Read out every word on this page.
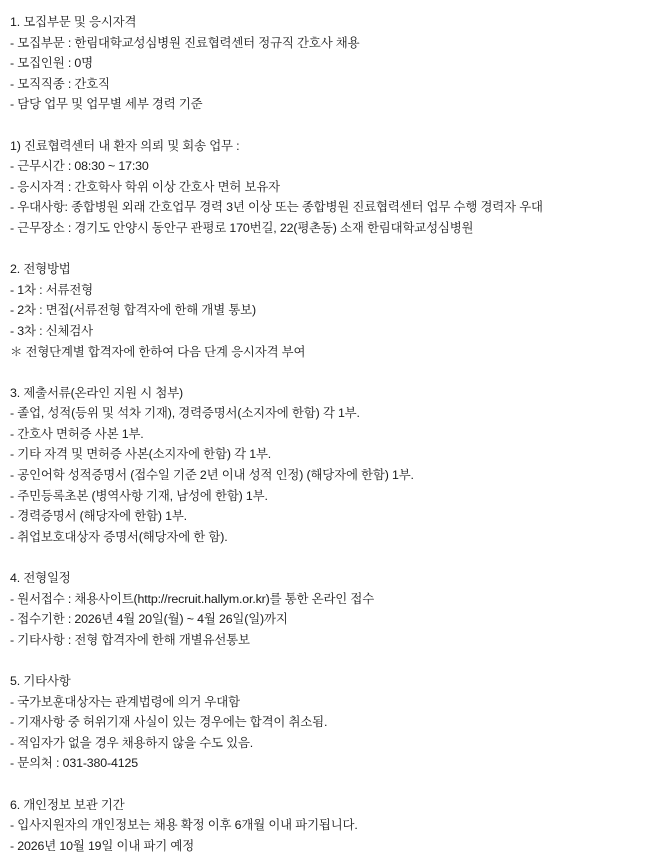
1. 모집부문 및 응시자격
- 모집부문 : 한림대학교성심병원 진료협력센터 정규직 간호사 채용
- 모집인원 : 0명
- 모직직종 : 간호직
- 담당 업무 및 업무별 세부 경력 기준
1) 진료협력센터 내 환자 의뢰 및 회송 업무 :
- 근무시간 : 08:30 ~ 17:30
- 응시자격 : 간호학사 학위 이상 간호사 면허 보유자
- 우대사항: 종합병원 외래 간호업무 경력 3년 이상 또는 종합병원 진료협력센터 업무 수행 경력자 우대
- 근무장소 : 경기도 안양시 동안구 관평로 170번길, 22(평촌동) 소재 한림대학교성심병원
2. 전형방법
- 1차 : 서류전형
- 2차 : 면접(서류전형 합격자에 한해 개별 통보)
- 3차 : 신체검사
＊ 전형단계별 합격자에 한하여 다음 단계 응시자격 부여
3. 제출서류(온라인 지원 시 첨부)
- 졸업, 성적(등위 및 석차 기재), 경력증명서(소지자에 한함) 각 1부.
- 간호사 면허증 사본 1부.
- 기타 자격 및 면허증 사본(소지자에 한함) 각 1부.
- 공인어학 성적증명서 (접수일 기준 2년 이내 성적 인정) (해당자에 한함) 1부.
- 주민등록초본 (병역사항 기재, 남성에 한함) 1부.
- 경력증명서 (해당자에 한함) 1부.
- 취업보호대상자 증명서(해당자에 한 함).
4. 전형일정
- 원서접수 : 채용사이트(http://recruit.hallym.or.kr)를 통한 온라인 접수
- 접수기한 : 2026년 4월 20일(월) ~ 4월 26일(일)까지
- 기타사항 : 전형 합격자에 한해 개별유선통보
5. 기타사항
- 국가보훈대상자는 관계법령에 의거 우대함
- 기재사항 중 허위기재 사실이 있는 경우에는 합격이 취소됨.
- 적임자가 없을 경우 채용하지 않을 수도 있음.
- 문의처 : 031-380-4125
6. 개인정보 보관 기간
- 입사지원자의 개인정보는 채용 확정 이후 6개월 이내 파기됩니다.
- 2026년 10월 19일 이내 파기 예정
